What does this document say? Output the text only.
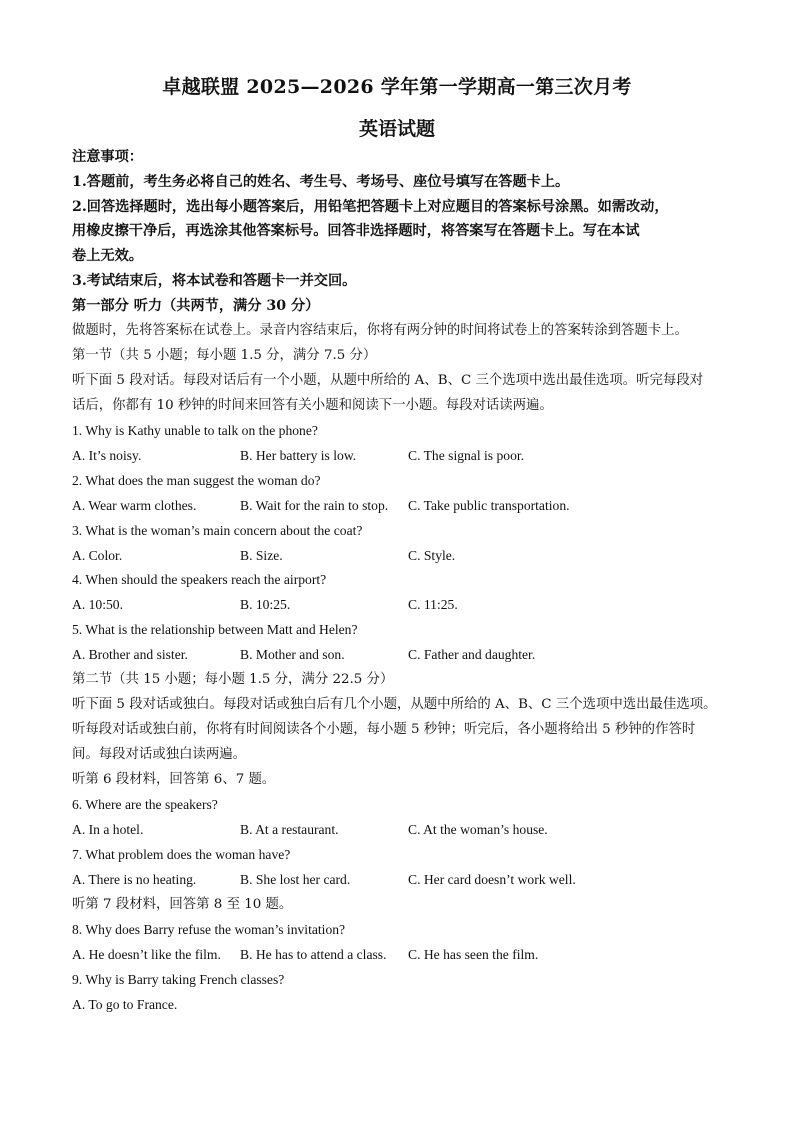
卓越联盟 2025—2026 学年第一学期高一第三次月考
英语试题
注意事项：
1.答题前，考生务必将自己的姓名、考生号、考场号、座位号填写在答题卡上。
2.回答选择题时，选出每小题答案后，用铅笔把答题卡上对应题目的答案标号涂黑。如需改动，
用橡皮擦干净后，再选涂其他答案标号。回答非选择题时，将答案写在答题卡上。写在本试
卷上无效。
3.考试结束后，将本试卷和答题卡一并交回。
第一部分 听力（共两节，满分 30 分）
做题时，先将答案标在试卷上。录音内容结束后，你将有两分钟的时间将试卷上的答案转涂到答题卡上。
第一节（共 5 小题；每小题 1.5 分，满分 7.5 分）
听下面 5 段对话。每段对话后有一个小题，从题中所给的 A、B、C 三个选项中选出最佳选项。听完每段对
话后，你都有 10 秒钟的时间来回答有关小题和阅读下一小题。每段对话读两遍。
1. Why is Kathy unable to talk on the phone?
A. It’s noisy.	B. Her battery is low.	C. The signal is poor.
2. What does the man suggest the woman do?
A. Wear warm clothes.	B. Wait for the rain to stop. C. Take public transportation.
3. What is the woman’s main concern about the coat?
A. Color.	B. Size.	C. Style.
4. When should the speakers reach the airport?
A. 10:50.	B. 10:25.	C. 11:25.
5. What is the relationship between Matt and Helen?
A. Brother and sister.	B. Mother and son.	C. Father and daughter.
第二节（共 15 小题；每小题 1.5 分，满分 22.5 分）
听下面 5 段对话或独白。每段对话或独白后有几个小题，从题中所给的 A、B、C 三个选项中选出最佳选项。
听每段对话或独白前，你将有时间阅读各个小题，每小题 5 秒钟；听完后，各小题将给出 5 秒钟的作答时
间。每段对话或独白读两遍。
听第 6 段材料，回答第 6、7 题。
6. Where are the speakers?
A. In a hotel.	B. At a restaurant.	C. At the woman’s house.
7. What problem does the woman have?
A. There is no heating.	B. She lost her card.	C. Her card doesn’t work well.
听第 7 段材料，回答第 8 至 10 题。
8. Why does Barry refuse the woman’s invitation?
A. He doesn’t like the film. B. He has to attend a class. C. He has seen the film.
9. Why is Barry taking French classes?
A. To go to France.
